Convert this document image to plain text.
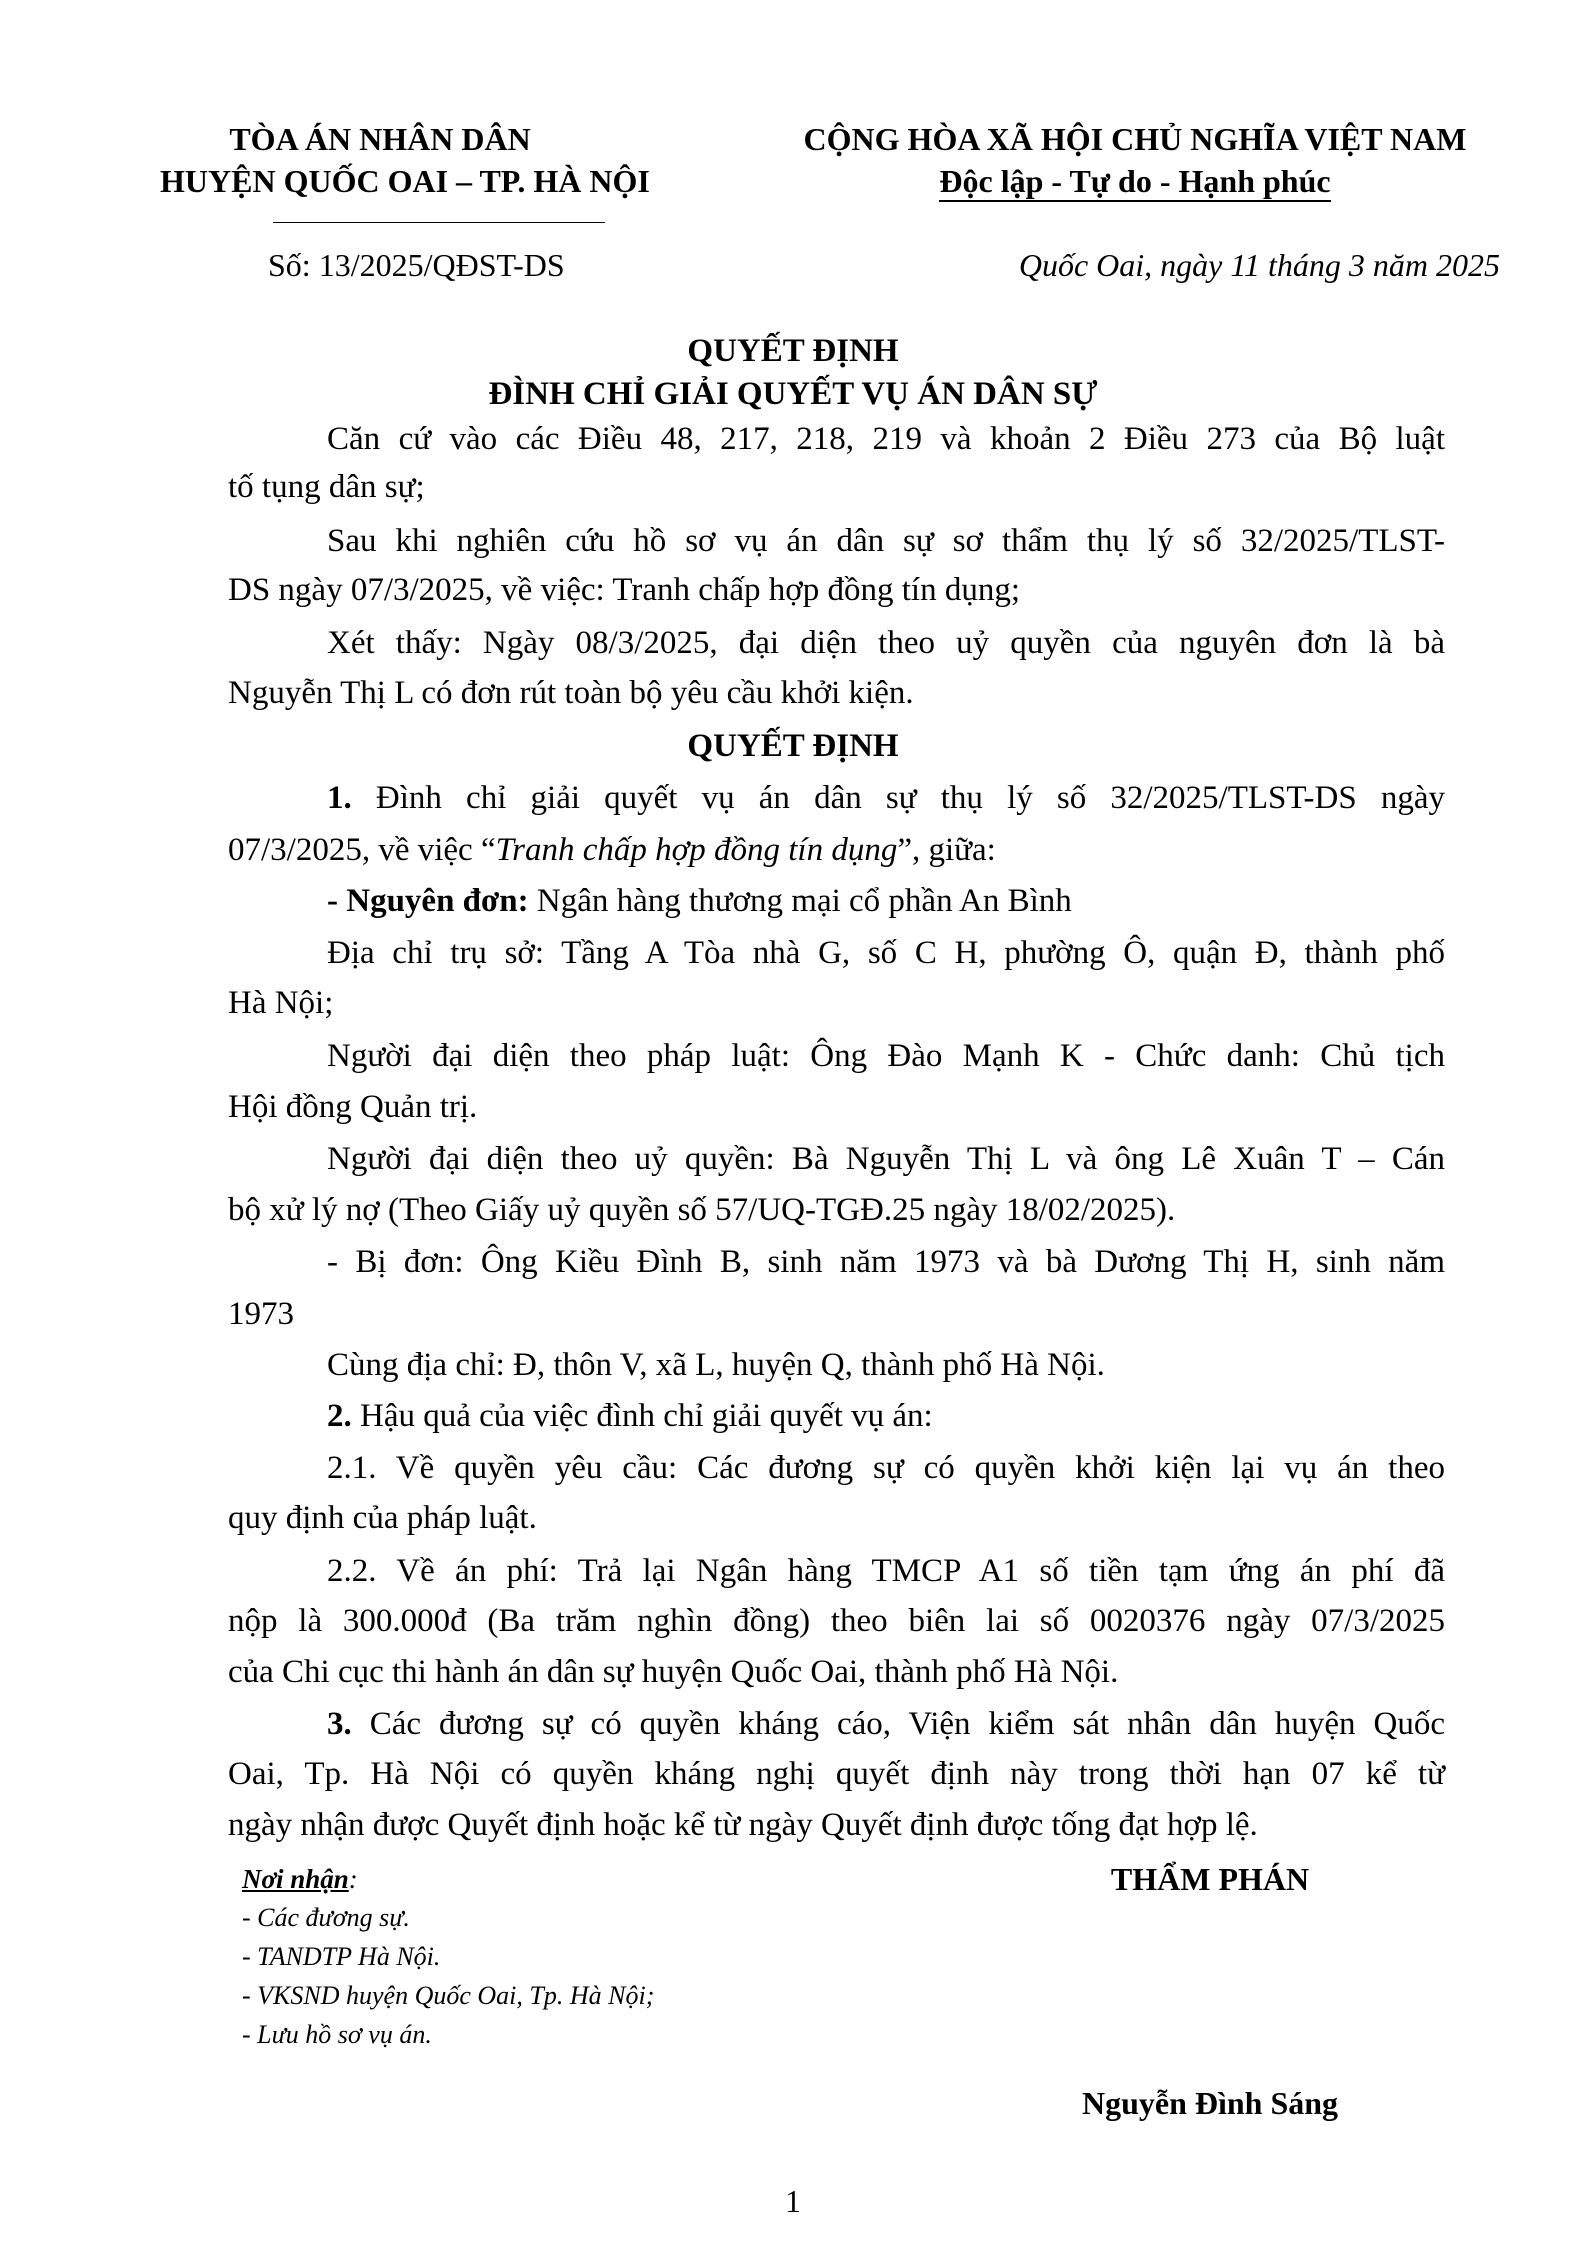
TÒA ÁN NHÂN DÂN
HUYỆN QUỐC OAI – TP. HÀ NỘI
CỘNG HÒA XÃ HỘI CHỦ NGHĨA VIỆT NAM
Độc lập - Tự do - Hạnh phúc
Số: 13/2025/QĐST-DS	Quốc Oai, ngày 11 tháng 3 năm 2025
QUYẾT ĐỊNH
ĐÌNH CHỈ GIẢI QUYẾT VỤ ÁN DÂN SỰ
Căn cứ vào các Điều 48, 217, 218, 219 và khoản 2 Điều 273 của Bộ luật
tố tụng dân sự;
Sau khi nghiên cứu hồ sơ vụ án dân sự sơ thẩm thụ lý số 32/2025/TLST-
DS ngày 07/3/2025, về việc: Tranh chấp hợp đồng tín dụng;
Xét thấy: Ngày 08/3/2025, đại diện theo uỷ quyền của nguyên đơn là bà
Nguyễn Thị L có đơn rút toàn bộ yêu cầu khởi kiện.
QUYẾT ĐỊNH
1. Đình chỉ giải quyết vụ án dân sự thụ lý số 32/2025/TLST-DS ngày
07/3/2025, về việc “Tranh chấp hợp đồng tín dụng”, giữa:
- Nguyên đơn: Ngân hàng thương mại cổ phần An Bình
Địa chỉ trụ sở: Tầng A Tòa nhà G, số C H, phường Ô, quận Đ, thành phố
Hà Nội;
Người đại diện theo pháp luật: Ông Đào Mạnh K - Chức danh: Chủ tịch
Hội đồng Quản trị.
Người đại diện theo uỷ quyền: Bà Nguyễn Thị L và ông Lê Xuân T – Cán
bộ xử lý nợ (Theo Giấy uỷ quyền số 57/UQ-TGĐ.25 ngày 18/02/2025).
- Bị đơn: Ông Kiều Đình B, sinh năm 1973 và bà Dương Thị H, sinh năm
1973
Cùng địa chỉ: Đ, thôn V, xã L, huyện Q, thành phố Hà Nội.
2. Hậu quả của việc đình chỉ giải quyết vụ án:
2.1. Về quyền yêu cầu: Các đương sự có quyền khởi kiện lại vụ án theo
quy định của pháp luật.
2.2. Về án phí: Trả lại Ngân hàng TMCP A1 số tiền tạm ứng án phí đã
nộp là 300.000đ (Ba trăm nghìn đồng) theo biên lai số 0020376 ngày 07/3/2025
của Chi cục thi hành án dân sự huyện Quốc Oai, thành phố Hà Nội.
3. Các đương sự có quyền kháng cáo, Viện kiểm sát nhân dân huyện Quốc
Oai, Tp. Hà Nội có quyền kháng nghị quyết định này trong thời hạn 07 kể từ
ngày nhận được Quyết định hoặc kể từ ngày Quyết định được tống đạt hợp lệ.
Nơi nhận:
- Các đương sự.
- TANDTP Hà Nội.
- VKSND huyện Quốc Oai, Tp. Hà Nội;
- Lưu hồ sơ vụ án.
THẨM PHÁN
Nguyễn Đình Sáng
1
